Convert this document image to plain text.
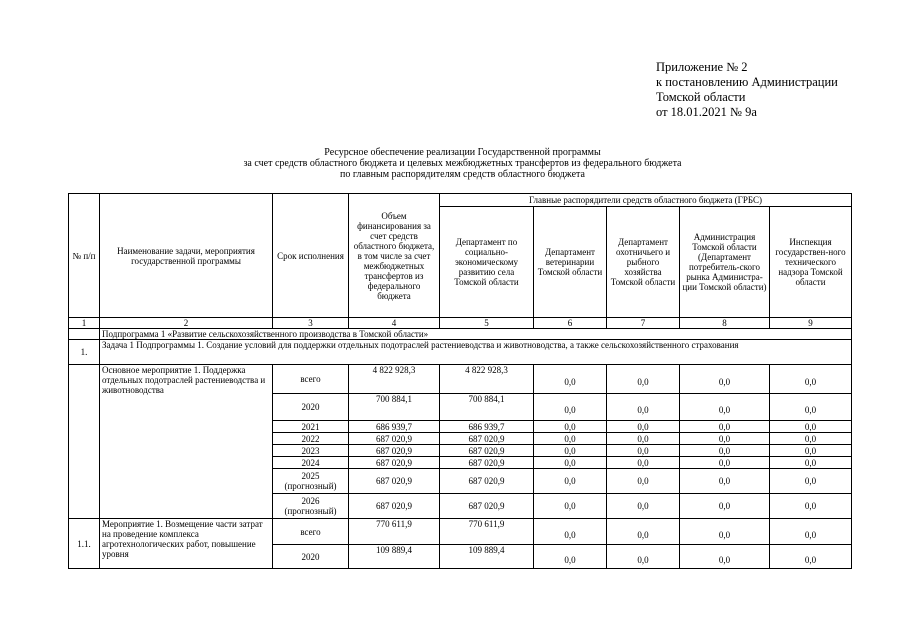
Приложение № 2
к постановлению Администрации
Томской области
от 18.01.2021 № 9а
Ресурсное обеспечение реализации Государственной программы
за счет средств областного бюджета и целевых межбюджетных трансфертов из федерального бюджета
по главным распорядителям средств областного бюджета
№ п/п	Наименование задачи, мероприятия государственной программы	Срок исполнения	Объем финансирования за счет средств областного бюджета, в том числе за счет межбюджетных трансфертов из федерального бюджета	Главные распорядители средств областного бюджета (ГРБС)				
				Департамент по социально-экономическому развитию села Томской области	Департамент ветеринарии Томской области	Департамент охотничьего и рыбного хозяйства Томской области	Администрация Томской области (Департамент потребитель-ского рынка Администра-ции Томской области)	Инспекция государствен-ного технического надзора Томской области
1	2	3	4	5	6	7	8	9
	Подпрограмма 1 «Развитие сельскохозяйственного производства в Томской области»							
1.	Задача 1 Подпрограммы 1. Создание условий для поддержки отдельных подотраслей растениеводства и животноводства, а также сельскохозяйственного страхования							
	Основное мероприятие 1. Поддержка отдельных подотраслей растениеводства и животноводства	всего	4 822 928,3	4 822 928,3	0,0	0,0	0,0	0,0
		2020	700 884,1	700 884,1	0,0	0,0	0,0	0,0
		2021	686 939,7	686 939,7	0,0	0,0	0,0	0,0
		2022	687 020,9	687 020,9	0,0	0,0	0,0	0,0
		2023	687 020,9	687 020,9	0,0	0,0	0,0	0,0
		2024	687 020,9	687 020,9	0,0	0,0	0,0	0,0
		2025 (прогнозный)	687 020,9	687 020,9	0,0	0,0	0,0	0,0
		2026 (прогнозный)	687 020,9	687 020,9	0,0	0,0	0,0	0,0
1.1.	Мероприятие 1. Возмещение части затрат на проведение комплекса агротехнологических работ, повышение уровня	всего	770 611,9	770 611,9	0,0	0,0	0,0	0,0
		2020	109 889,4	109 889,4	0,0	0,0	0,0	0,0
